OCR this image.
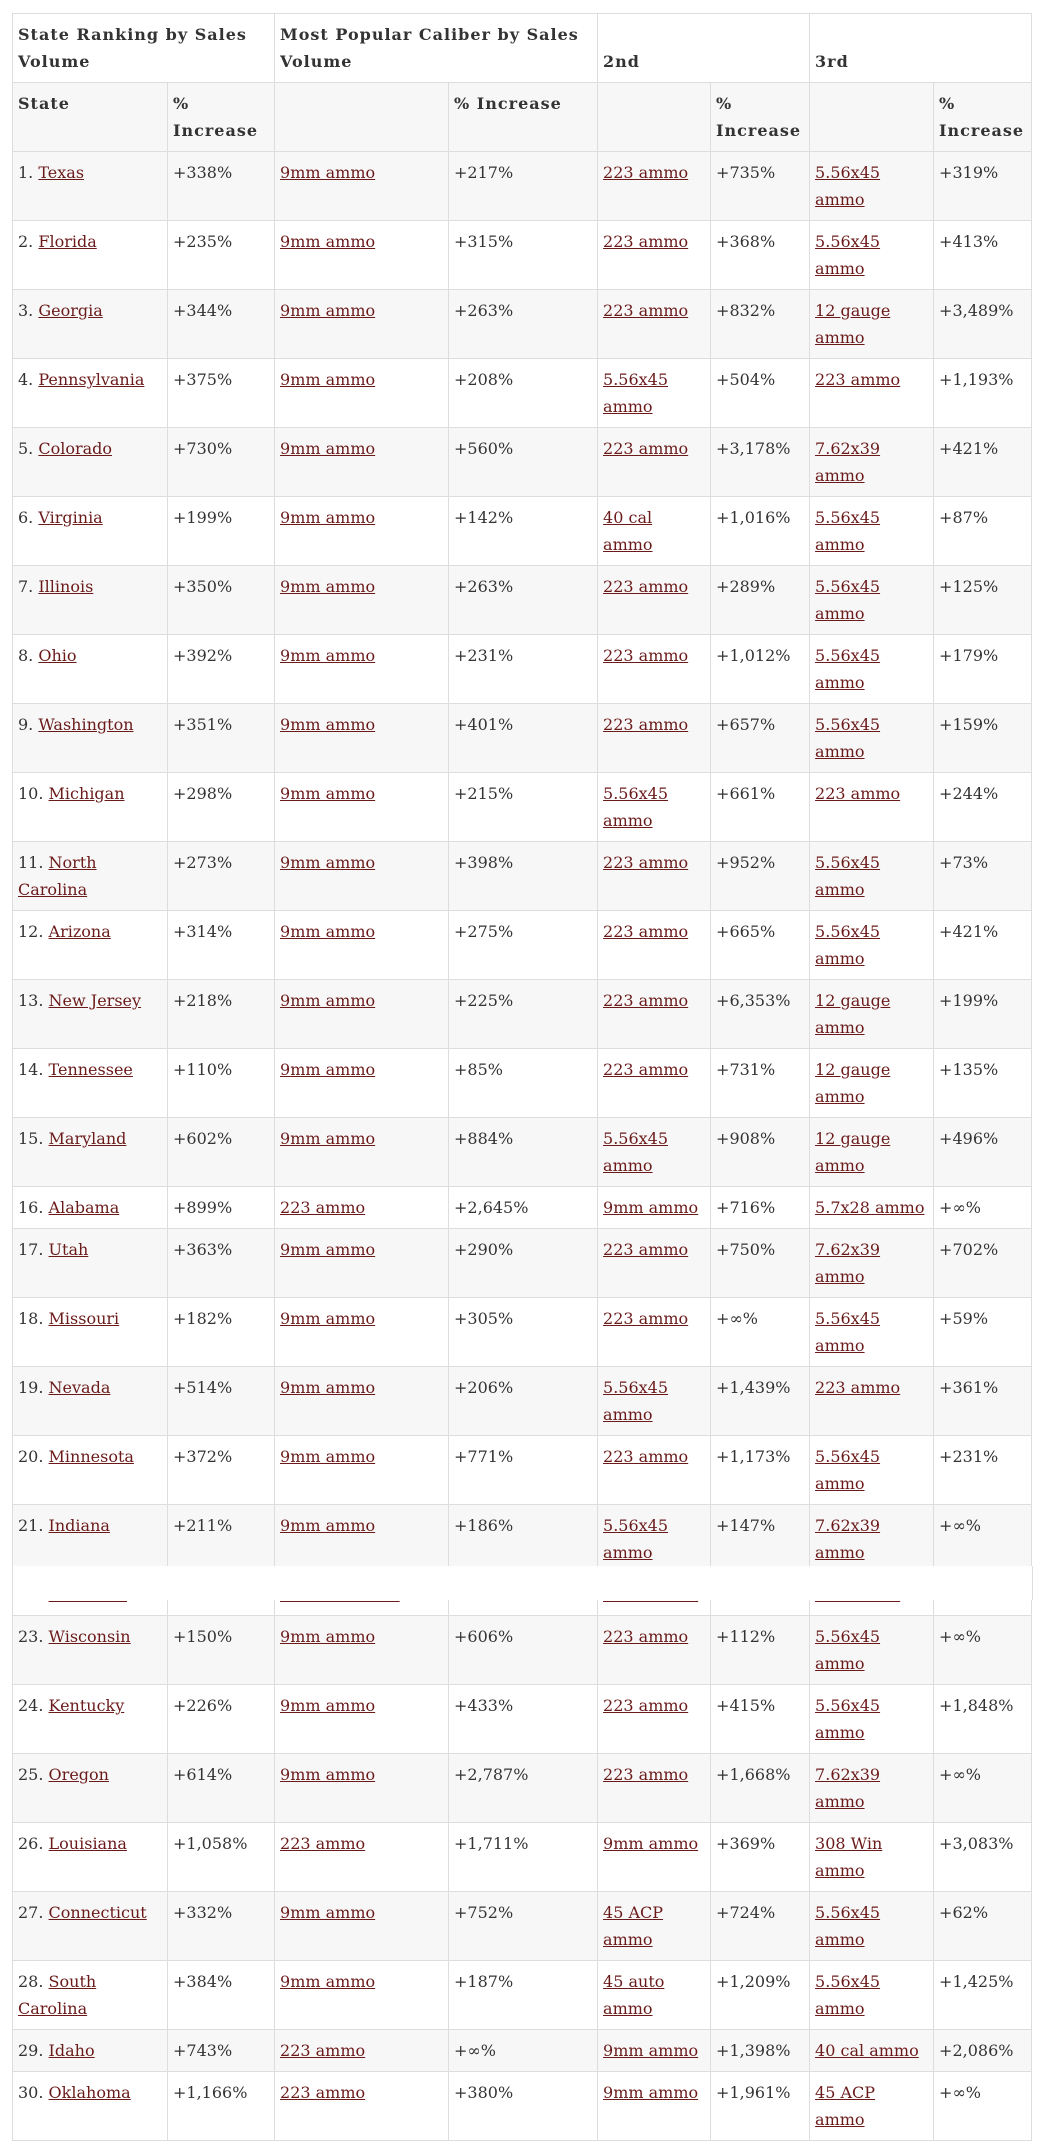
State Ranking by Sales Volume		Most Popular Caliber by Sales Volume		2nd		3rd	
State	% Increase		% Increase		% Increase		% Increase
1. Texas	+338%	9mm ammo	+217%	223 ammo	+735%	5.56x45 ammo	+319%
2. Florida	+235%	9mm ammo	+315%	223 ammo	+368%	5.56x45 ammo	+413%
3. Georgia	+344%	9mm ammo	+263%	223 ammo	+832%	12 gauge ammo	+3,489%
4. Pennsylvania	+375%	9mm ammo	+208%	5.56x45 ammo	+504%	223 ammo	+1,193%
5. Colorado	+730%	9mm ammo	+560%	223 ammo	+3,178%	7.62x39 ammo	+421%
6. Virginia	+199%	9mm ammo	+142%	40 cal ammo	+1,016%	5.56x45 ammo	+87%
7. Illinois	+350%	9mm ammo	+263%	223 ammo	+289%	5.56x45 ammo	+125%
8. Ohio	+392%	9mm ammo	+231%	223 ammo	+1,012%	5.56x45 ammo	+179%
9. Washington	+351%	9mm ammo	+401%	223 ammo	+657%	5.56x45 ammo	+159%
10. Michigan	+298%	9mm ammo	+215%	5.56x45 ammo	+661%	223 ammo	+244%
11. North Carolina	+273%	9mm ammo	+398%	223 ammo	+952%	5.56x45 ammo	+73%
12. Arizona	+314%	9mm ammo	+275%	223 ammo	+665%	5.56x45 ammo	+421%
13. New Jersey	+218%	9mm ammo	+225%	223 ammo	+6,353%	12 gauge ammo	+199%
14. Tennessee	+110%	9mm ammo	+85%	223 ammo	+731%	12 gauge ammo	+135%
15. Maryland	+602%	9mm ammo	+884%	5.56x45 ammo	+908%	12 gauge ammo	+496%
16. Alabama	+899%	223 ammo	+2,645%	9mm ammo	+716%	5.7x28 ammo	+∞%
17. Utah	+363%	9mm ammo	+290%	223 ammo	+750%	7.62x39 ammo	+702%
18. Missouri	+182%	9mm ammo	+305%	223 ammo	+∞%	5.56x45 ammo	+59%
19. Nevada	+514%	9mm ammo	+206%	5.56x45 ammo	+1,439%	223 ammo	+361%
20. Minnesota	+372%	9mm ammo	+771%	223 ammo	+1,173%	5.56x45 ammo	+231%
21. Indiana	+211%	9mm ammo	+186%	5.56x45 ammo	+147%	7.62x39 ammo	+∞%

23. Wisconsin	+150%	9mm ammo	+606%	223 ammo	+112%	5.56x45 ammo	+∞%
24. Kentucky	+226%	9mm ammo	+433%	223 ammo	+415%	5.56x45 ammo	+1,848%
25. Oregon	+614%	9mm ammo	+2,787%	223 ammo	+1,668%	7.62x39 ammo	+∞%
26. Louisiana	+1,058%	223 ammo	+1,711%	9mm ammo	+369%	308 Win ammo	+3,083%
27. Connecticut	+332%	9mm ammo	+752%	45 ACP ammo	+724%	5.56x45 ammo	+62%
28. South Carolina	+384%	9mm ammo	+187%	45 auto ammo	+1,209%	5.56x45 ammo	+1,425%
29. Idaho	+743%	223 ammo	+∞%	9mm ammo	+1,398%	40 cal ammo	+2,086%
30. Oklahoma	+1,166%	223 ammo	+380%	9mm ammo	+1,961%	45 ACP ammo	+∞%
